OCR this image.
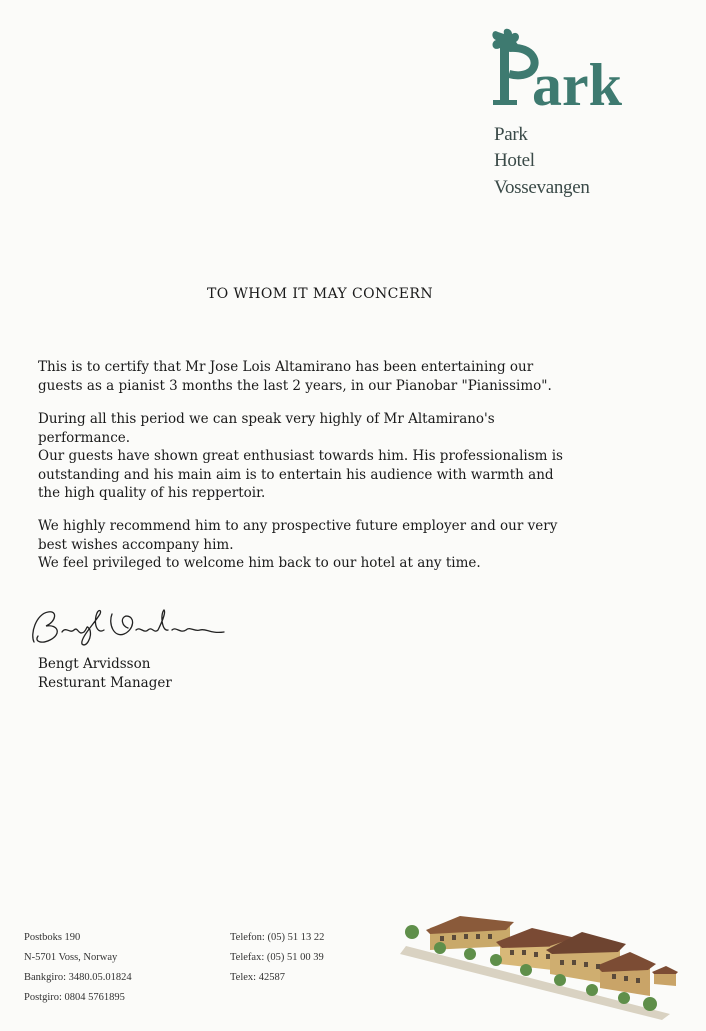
ark
Park
Hotel
Vossevangen
TO WHOM IT MAY CONCERN
This is to certify that Mr Jose Lois Altamirano has been entertaining our
guests as a pianist 3 months the last 2 years, in our Pianobar "Pianissimo".
During all this period we can speak very highly of Mr Altamirano's
performance.
Our guests have shown great enthusiast towards him. His professionalism is
outstanding and his main aim is to entertain his audience with warmth and
the high quality of his reppertoir.
We highly recommend him to any prospective future employer and our very
best wishes accompany him.
We feel privileged to welcome him back to our hotel at any time.
Bengt Arvidsson
Resturant Manager
Postboks 190
N-5701 Voss, Norway
Bankgiro: 3480.05.01824
Postgiro: 0804 5761895
Telefon: (05) 51 13 22
Telefax: (05) 51 00 39
Telex: 42587
